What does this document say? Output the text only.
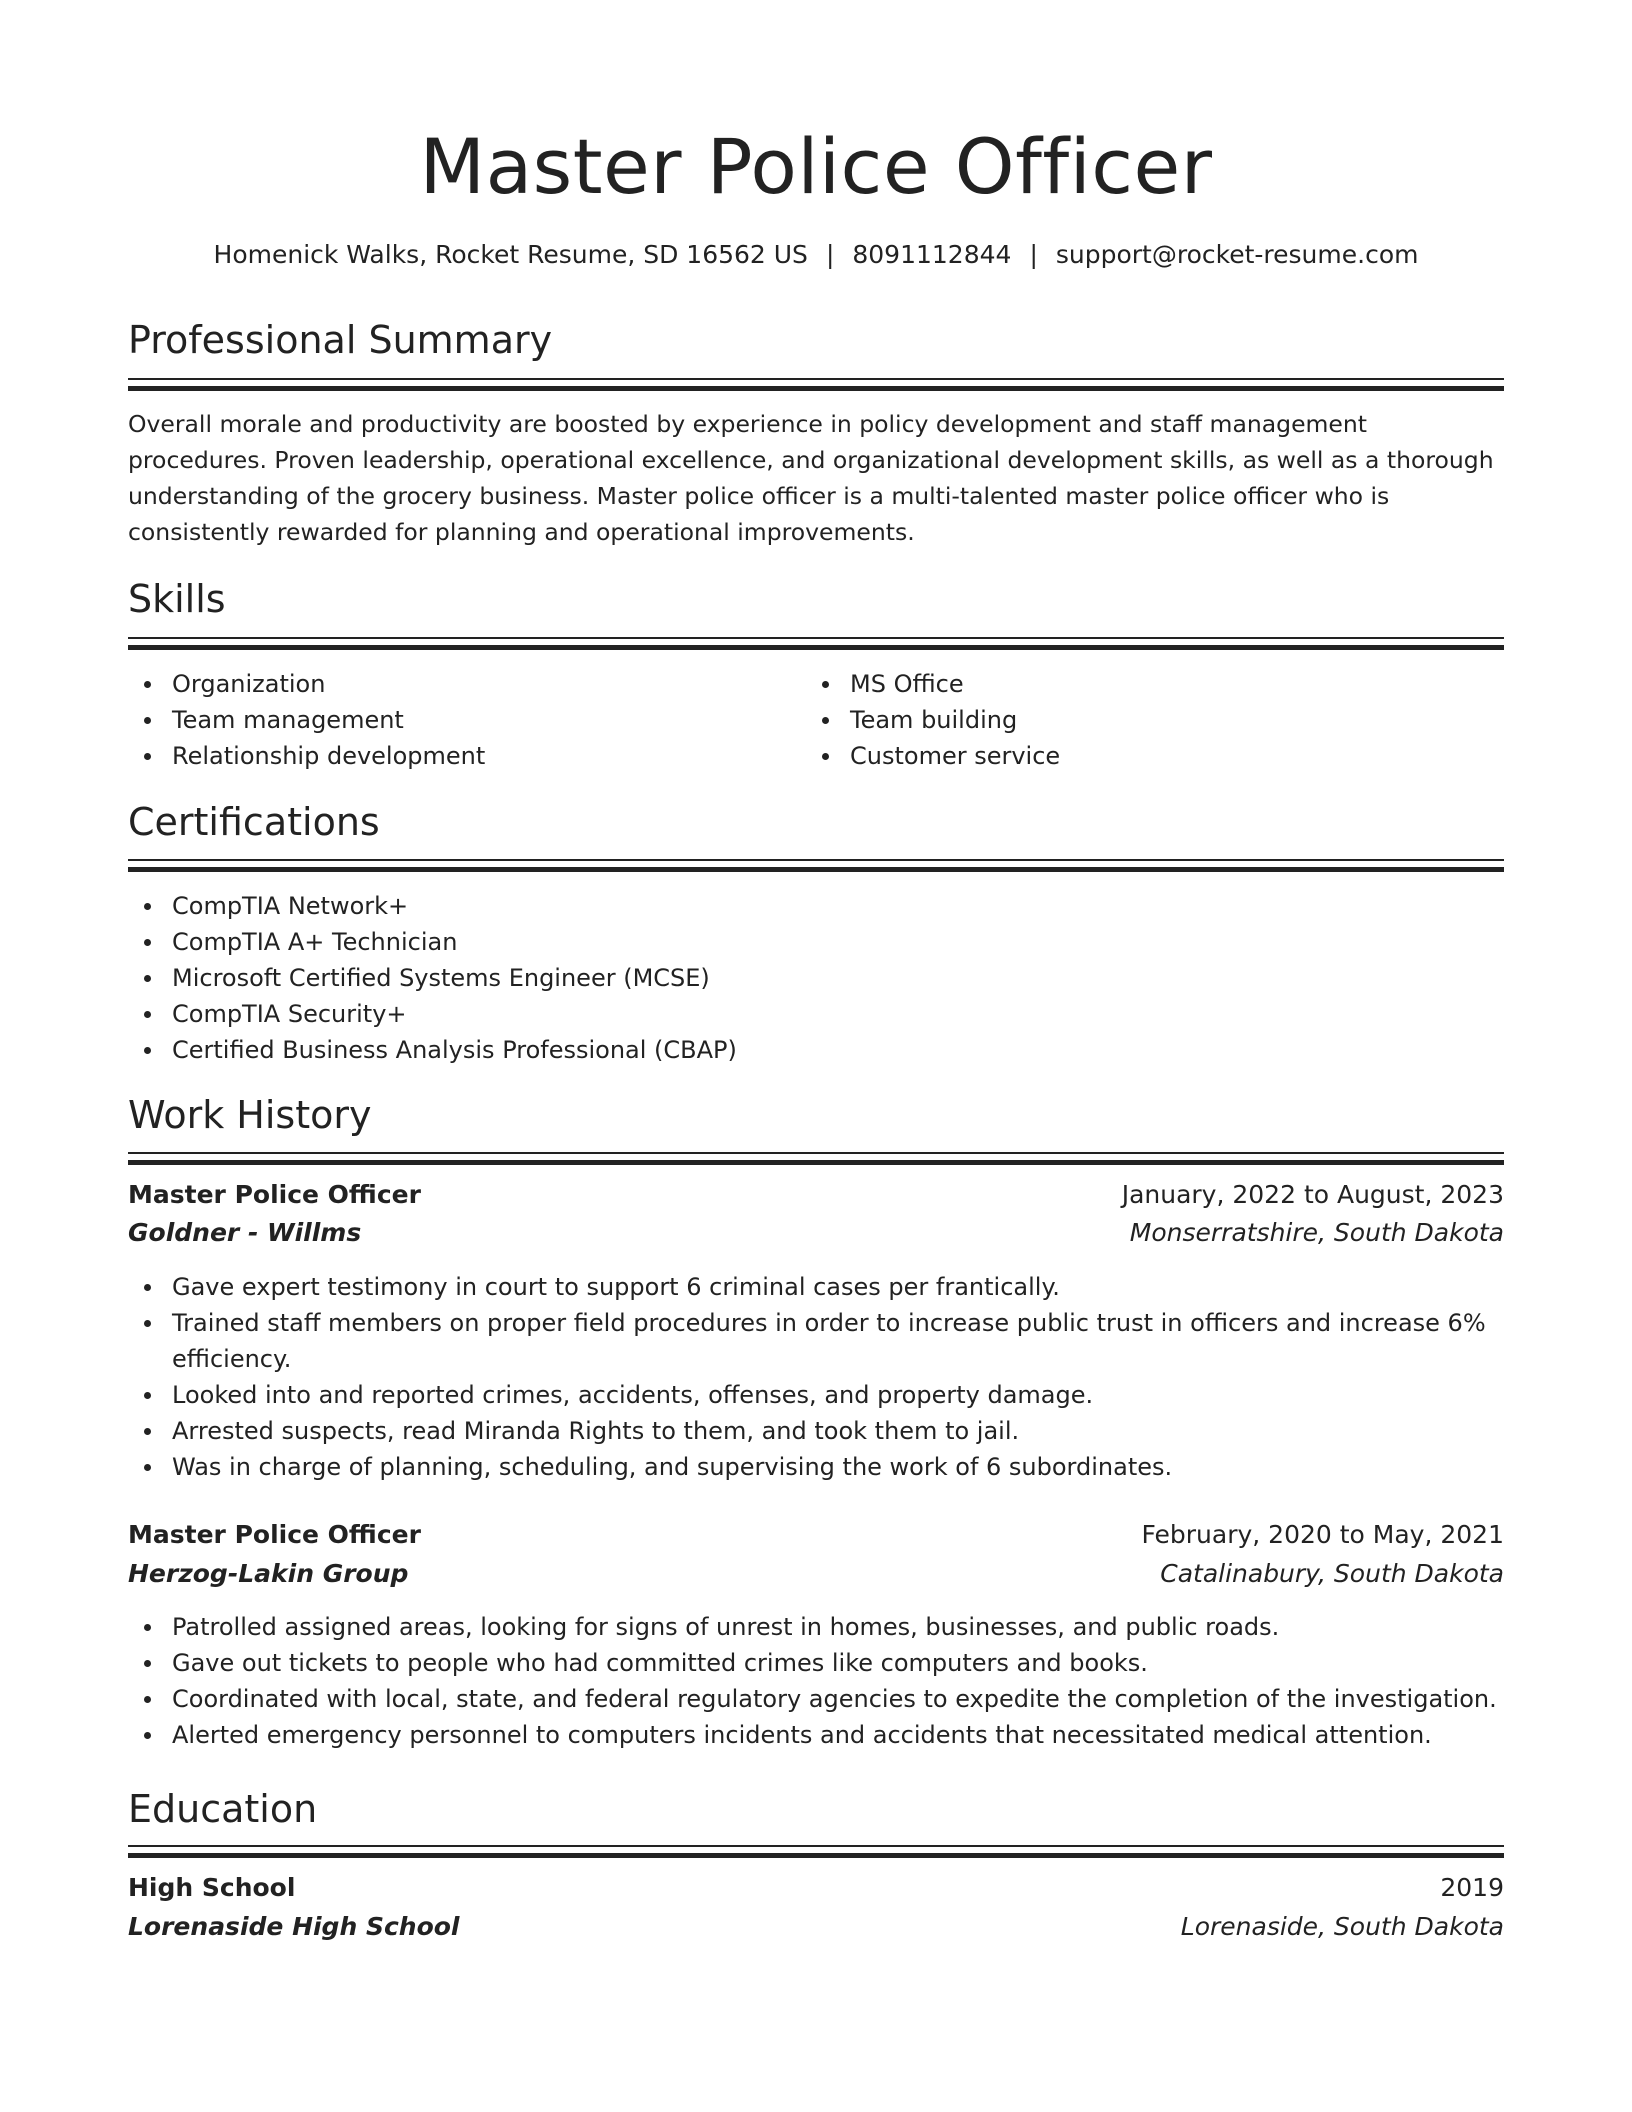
Master Police Officer
Homenick Walks, Rocket Resume, SD 16562 US | 8091112844 | support@rocket-resume.com
Professional Summary
Overall morale and productivity are boosted by experience in policy development and staff management procedures. Proven leadership, operational excellence, and organizational development skills, as well as a thorough understanding of the grocery business. Master police officer is a multi-talented master police officer who is consistently rewarded for planning and operational improvements.
Skills
Organization
Team management
Relationship development
MS Office
Team building
Customer service
Certifications
CompTIA Network+
CompTIA A+ Technician
Microsoft Certified Systems Engineer (MCSE)
CompTIA Security+
Certified Business Analysis Professional (CBAP)
Work History
Master Police Officer	January, 2022 to August, 2023
Goldner - Willms	Monserratshire, South Dakota
Gave expert testimony in court to support 6 criminal cases per frantically.
Trained staff members on proper field procedures in order to increase public trust in officers and increase 6% efficiency.
Looked into and reported crimes, accidents, offenses, and property damage.
Arrested suspects, read Miranda Rights to them, and took them to jail.
Was in charge of planning, scheduling, and supervising the work of 6 subordinates.
Master Police Officer	February, 2020 to May, 2021
Herzog-Lakin Group	Catalinabury, South Dakota
Patrolled assigned areas, looking for signs of unrest in homes, businesses, and public roads.
Gave out tickets to people who had committed crimes like computers and books.
Coordinated with local, state, and federal regulatory agencies to expedite the completion of the investigation.
Alerted emergency personnel to computers incidents and accidents that necessitated medical attention.
Education
High School	2019
Lorenaside High School	Lorenaside, South Dakota
